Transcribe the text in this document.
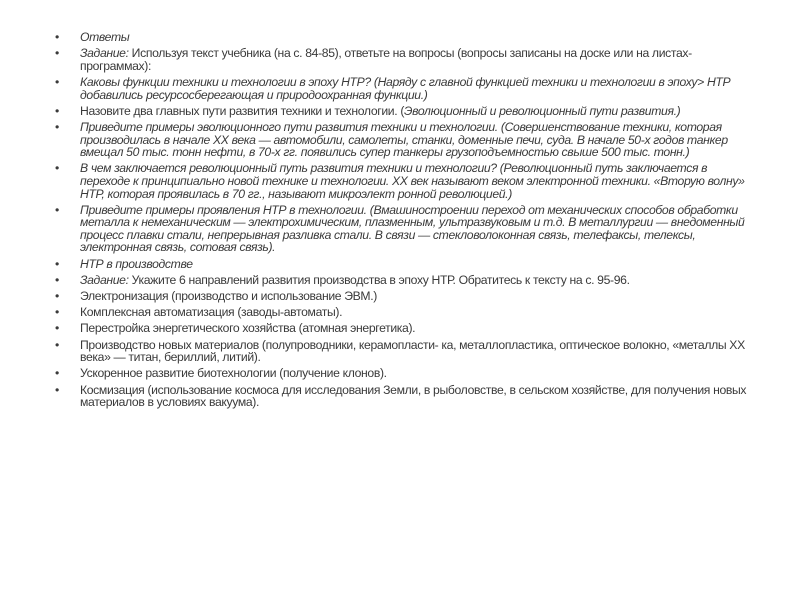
• Ответы
• Задание: Используя текст учебника (на с. 84-85), ответьте на вопросы (вопросы записаны на доске или на листах-программах):
• Каковы функции техники и технологии в эпоху НТР? (Наряду с главной функцией техники и технологии в эпоху> НТР добавились ресурсосберегающая и природоохранная функции.)
• Назовите два главных пути развития техники и технологии. (Эволюционный и революционный пути развития.)
• Приведите примеры эволюционного пути развития техники и технологии. (Совершенствование техники, которая производилась в начале XX века — автомобили, самолеты, станки, доменные печи, суда. В начале 50-х годов танкер вмещал 50 тыс. тонн нефти, в 70-х гг. появились супер танкеры грузоподъемностью свыше 500 тыс. тонн.)
• В чем заключается революционный путь развития техники и технологии? (Революционный путь заключается в переходе к принципиально новой технике и технологии. XX век называют веком электронной техники. «Вторую волну» НТР, которая проявилась в 70 гг., называют микроэлект ронной революцией.)
• Приведите примеры проявления НТР в технологии. (Вмашиностроении переход от механических способов обработки металла к немеханическим — электрохимическим, плазменным, ультразвуковым и т.д. В металлургии — внедоменный процесс плавки стали, непрерывная разливка стали. В связи — стекловолоконная связь, телефаксы, телексы, электронная связь, сотовая связь).
• НТР в производстве
• Задание: Укажите 6 направлений развития производства в эпоху НТР. Обратитесь к тексту на с. 95-96.
• Электронизация (производство и использование ЭВМ.)
• Комплексная автоматизация (заводы-автоматы).
• Перестройка энергетического хозяйства (атомная энергетика).
• Производство новых материалов (полупроводники, керамопласти- ка, металлопластика, оптическое волокно, «металлы XX века» — титан, бериллий, литий).
• Ускоренное развитие биотехнологии (получение клонов).
• Космизация (использование космоса для исследования Земли, в рыболовстве, в сельском хозяйстве, для получения новых материалов в условиях вакуума).
